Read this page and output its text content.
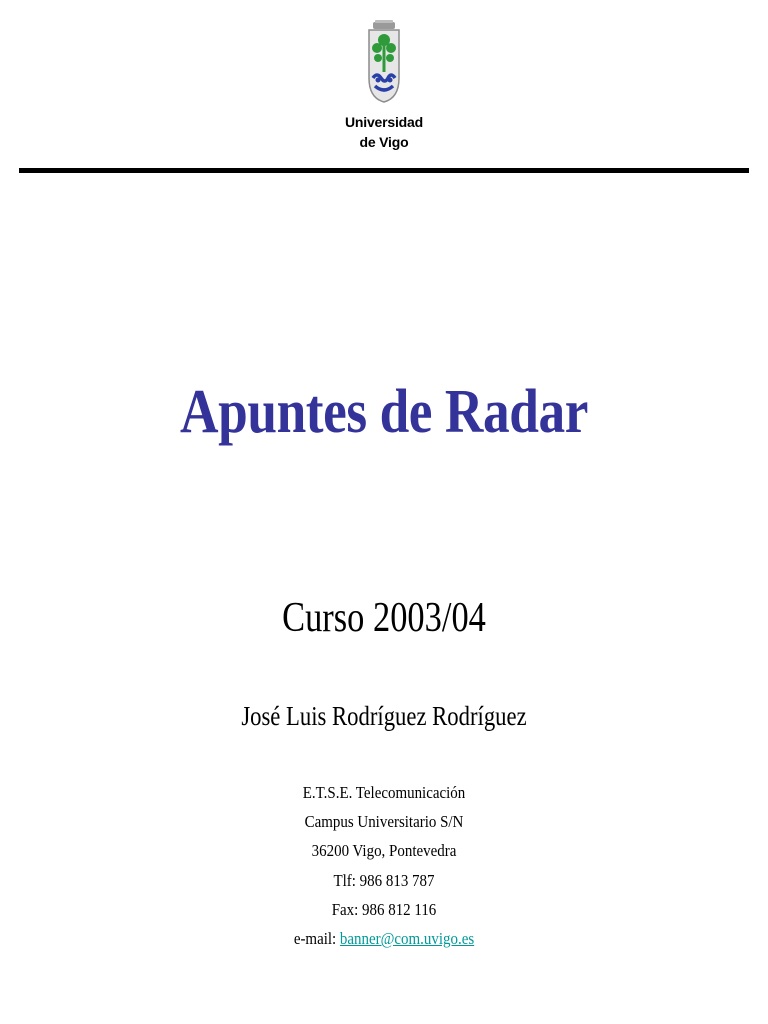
Universidad
de Vigo
Apuntes de Radar
Curso 2003/04
José Luis Rodríguez Rodríguez
E.T.S.E. Telecomunicación
Campus Universitario S/N
36200 Vigo, Pontevedra
Tlf: 986 813 787
Fax: 986 812 116
e-mail: banner@com.uvigo.es
